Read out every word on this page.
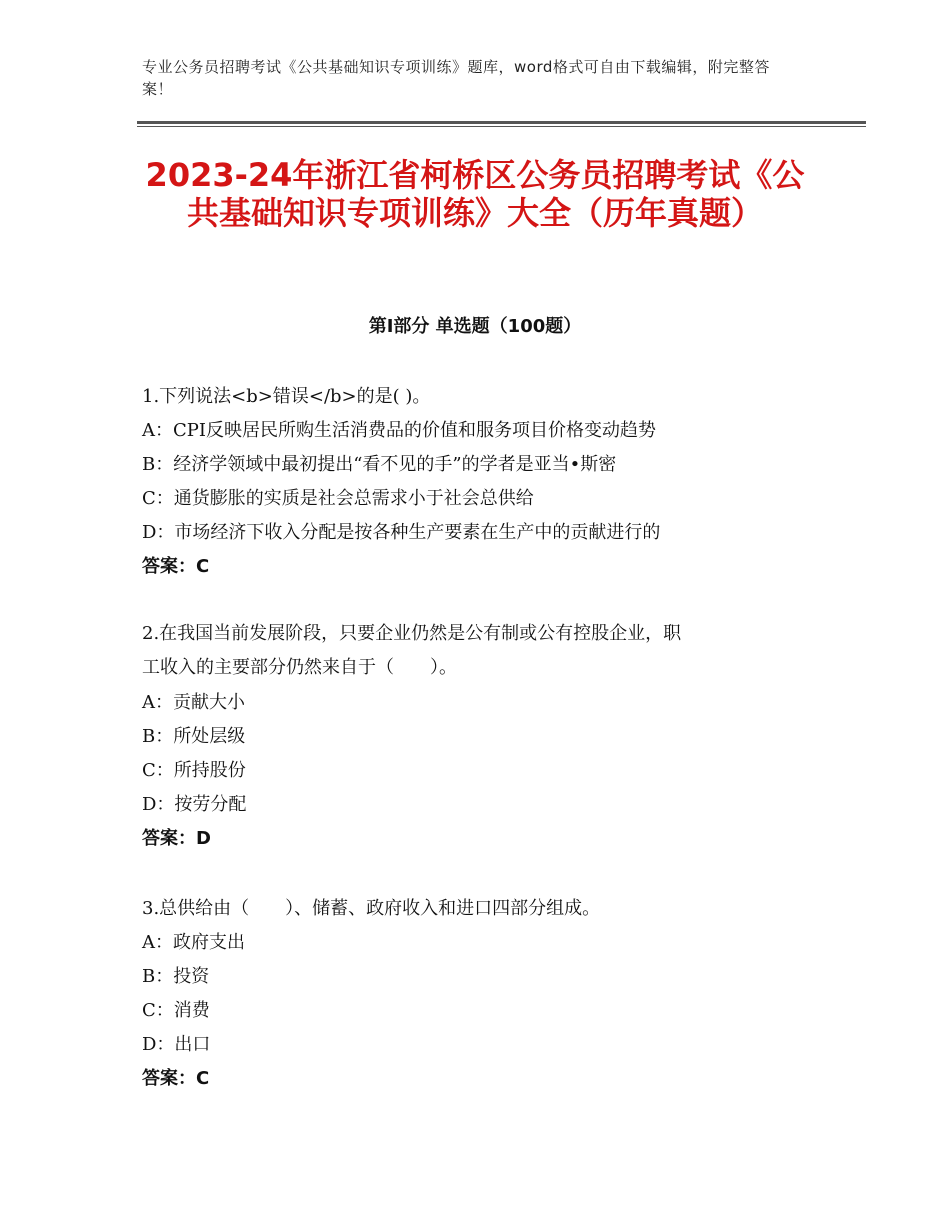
专业公务员招聘考试《公共基础知识专项训练》题库，word格式可自由下载编辑，附完整答案！
2023-24年浙江省柯桥区公务员招聘考试《公共基础知识专项训练》大全（历年真题）
第I部分 单选题（100题）
1.下列说法<b>错误</b>的是( )。
A：CPI反映居民所购生活消费品的价值和服务项目价格变动趋势
B：经济学领域中最初提出“看不见的手”的学者是亚当•斯密
C：通货膨胀的实质是社会总需求小于社会总供给
D：市场经济下收入分配是按各种生产要素在生产中的贡献进行的
答案：C
2.在我国当前发展阶段，只要企业仍然是公有制或公有控股企业，职
工收入的主要部分仍然来自于（　　）。
A：贡献大小
B：所处层级
C：所持股份
D：按劳分配
答案：D
3.总供给由（　　）、储蓄、政府收入和进口四部分组成。
A：政府支出
B：投资
C：消费
D：出口
答案：C
